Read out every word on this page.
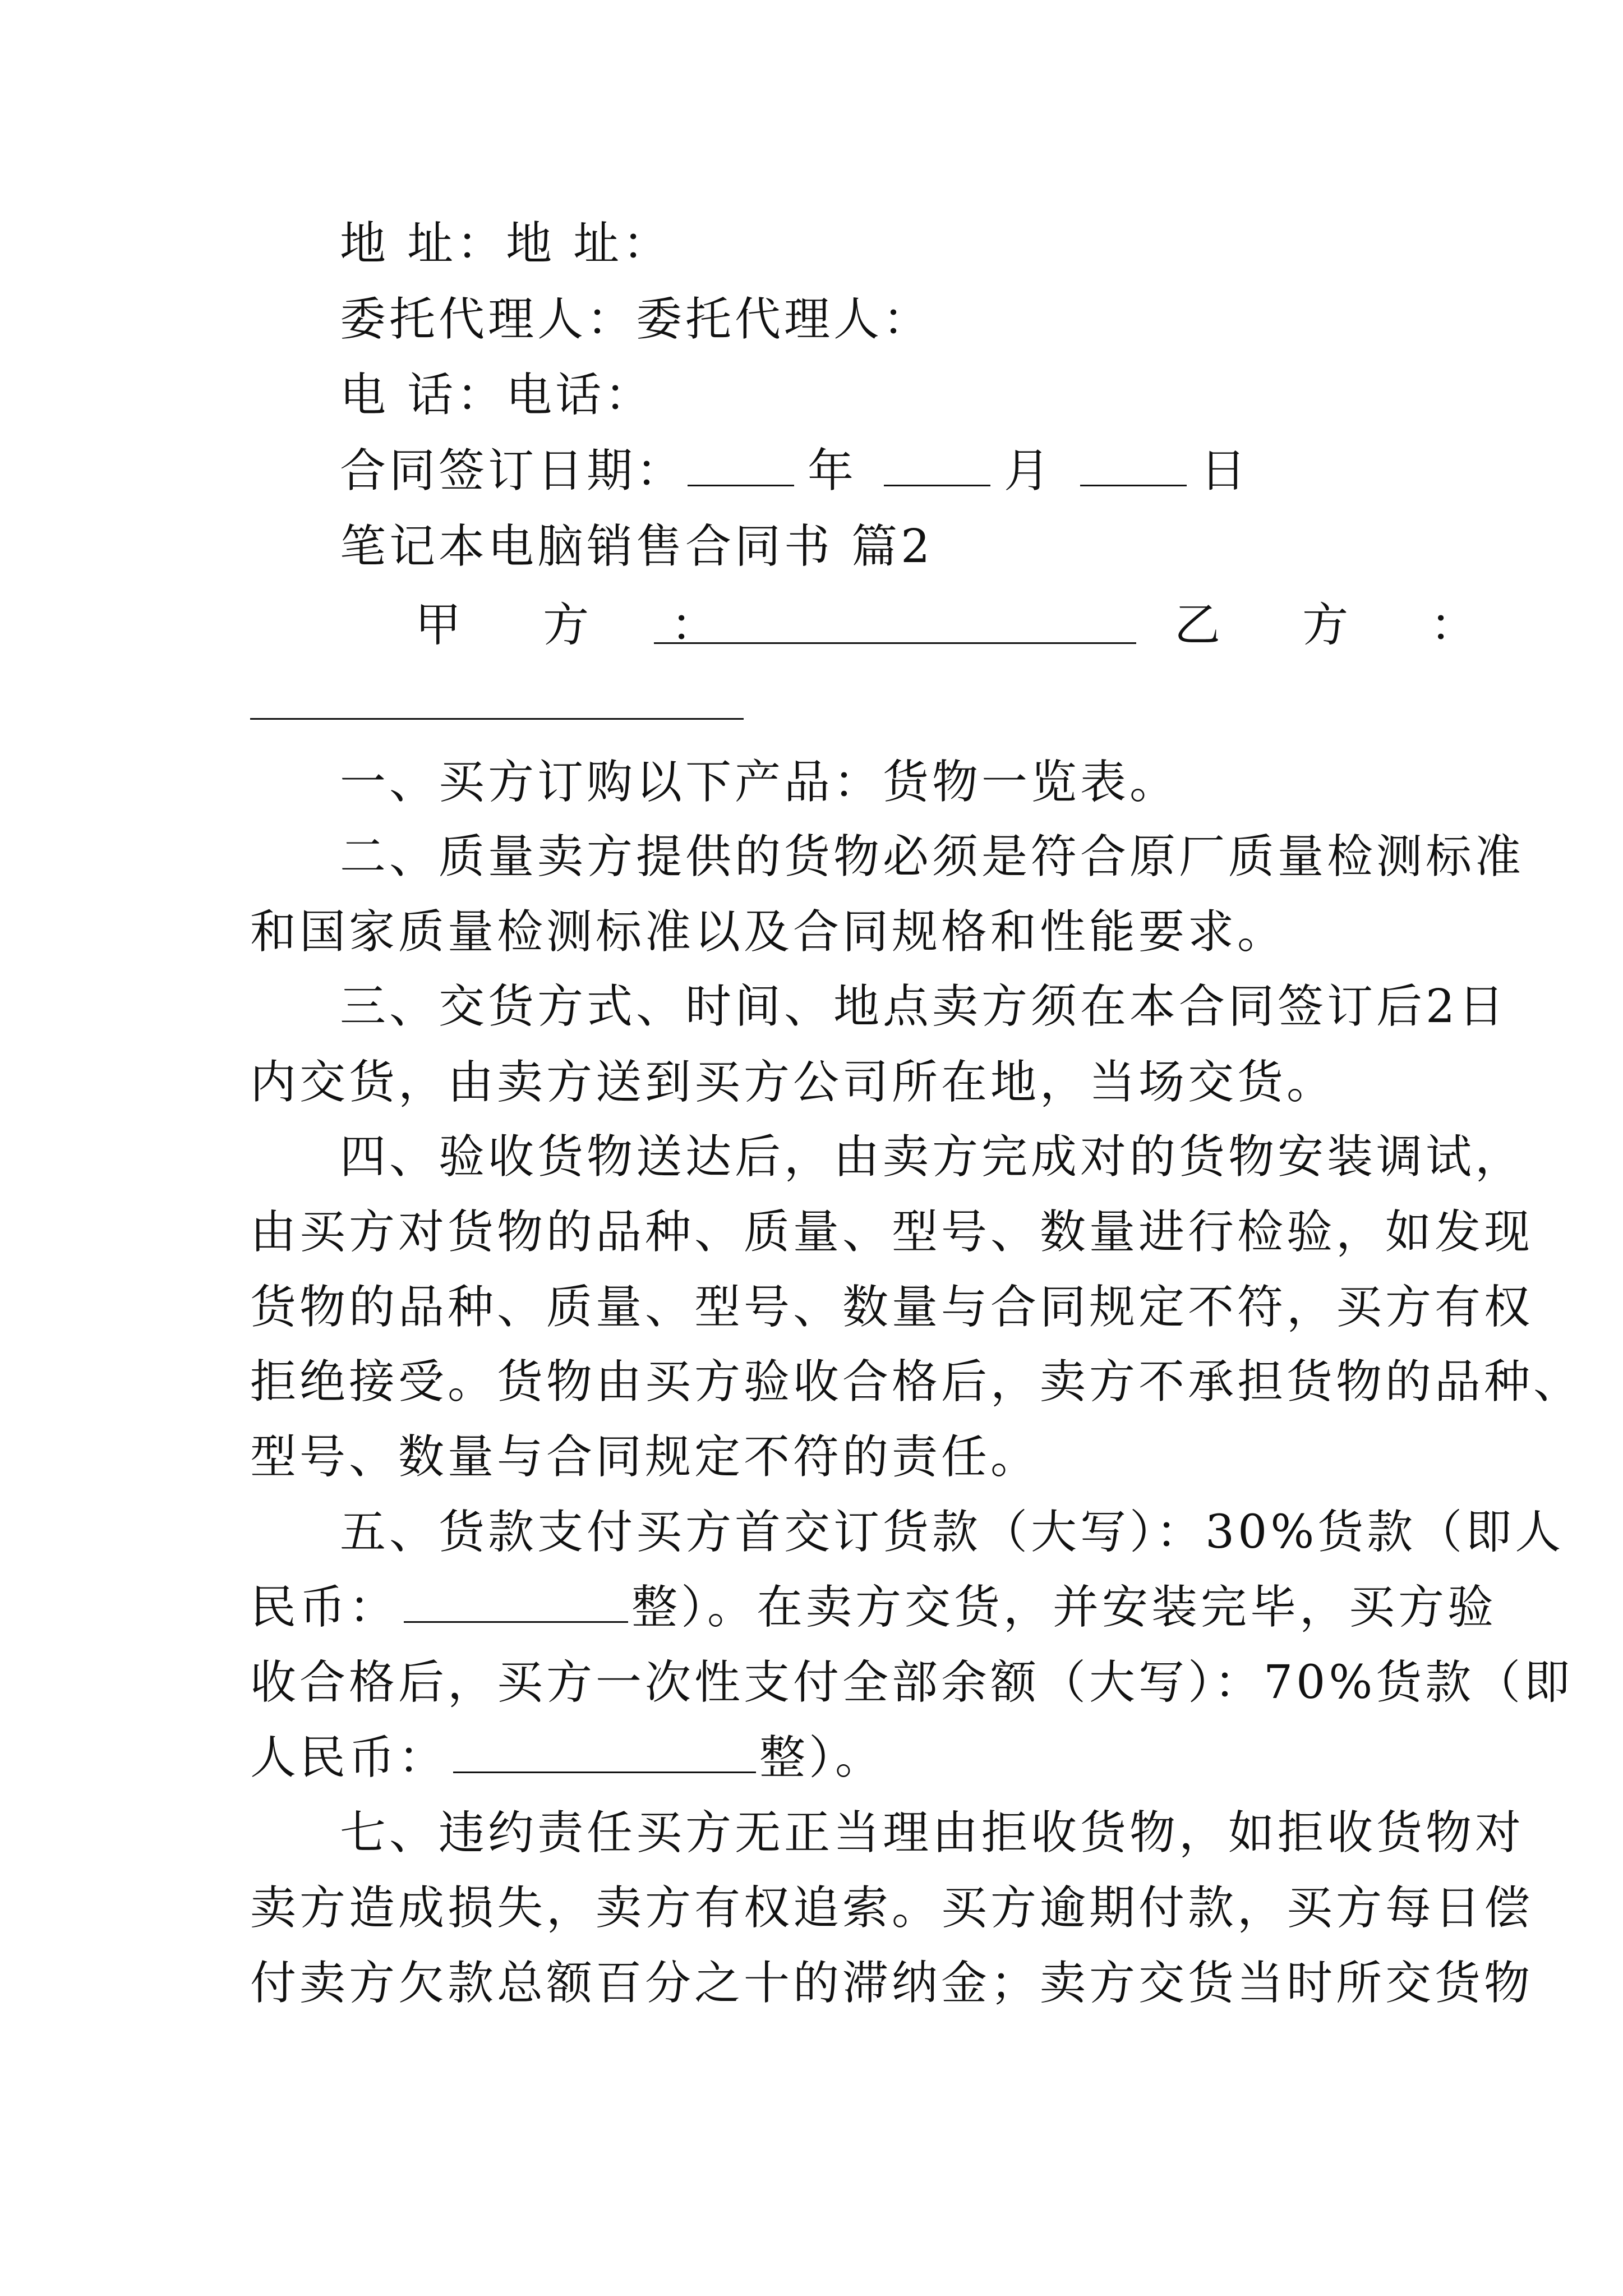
地 址：地 址：
委托代理人：委托代理人：
电 话：电话：
合同签订日期：	年	月	日
笔记本电脑销售合同书 篇2
甲 方 ：	乙 方 ：
一、买方订购以下产品：货物一览表。
二、质量卖方提供的货物必须是符合原厂质量检测标准
和国家质量检测标准以及合同规格和性能要求。
三、交货方式、时间、地点卖方须在本合同签订后2日
内交货，由卖方送到买方公司所在地，当场交货。
四、验收货物送达后，由卖方完成对的货物安装调试，
由买方对货物的品种、质量、型号、数量进行检验，如发现
货物的品种、质量、型号、数量与合同规定不符，买方有权
拒绝接受。货物由买方验收合格后，卖方不承担货物的品种、
型号、数量与合同规定不符的责任。
五、货款支付买方首交订货款（大写）：30%货款（即人
民币：	整）。在卖方交货，并安装完毕，买方验
收合格后，买方一次性支付全部余额（大写）：70%货款（即
人民币：	整）。
七、违约责任买方无正当理由拒收货物，如拒收货物对
卖方造成损失，卖方有权追索。买方逾期付款，买方每日偿
付卖方欠款总额百分之十的滞纳金；卖方交货当时所交货物
